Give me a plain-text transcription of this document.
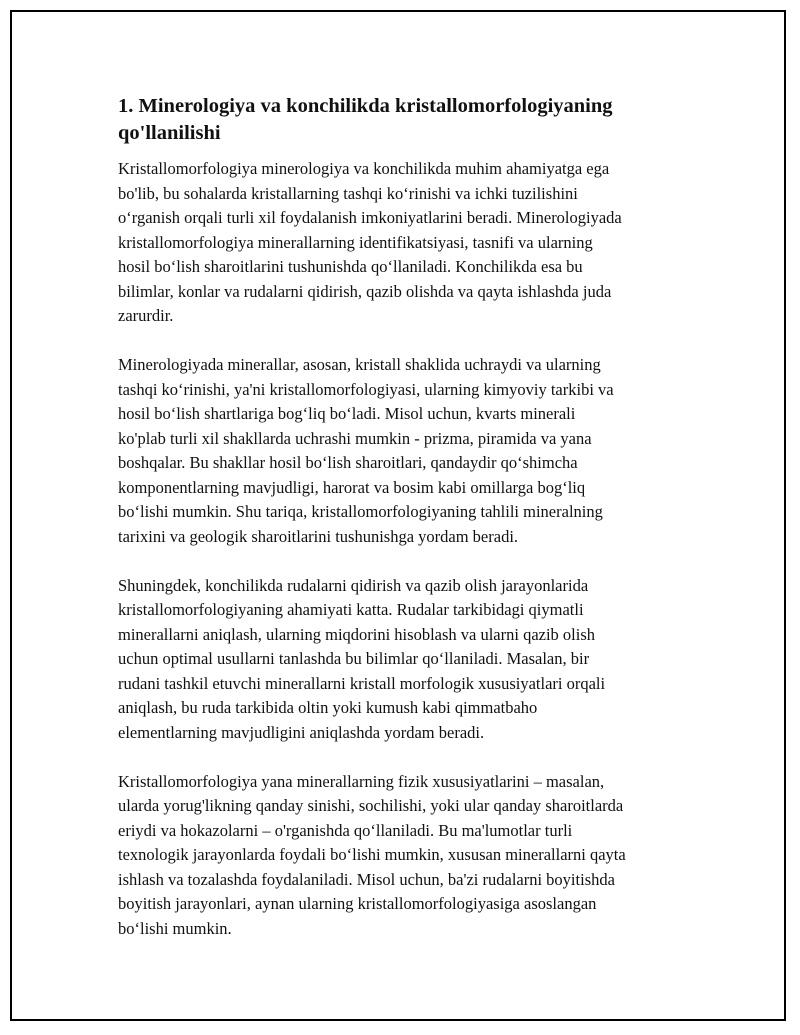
1. Minerologiya va konchilikda kristallomorfologiyaning
qo'llanilishi

Kristallomorfologiya minerologiya va konchilikda muhim ahamiyatga ega
bo'lib, bu sohalarda kristallarning tashqi ko‘rinishi va ichki tuzilishini
o‘rganish orqali turli xil foydalanish imkoniyatlarini beradi. Minerologiyada
kristallomorfologiya minerallarning identifikatsiyasi, tasnifi va ularning
hosil bo‘lish sharoitlarini tushunishda qo‘llaniladi. Konchilikda esa bu
bilimlar, konlar va rudalarni qidirish, qazib olishda va qayta ishlashda juda
zarurdir.

Minerologiyada minerallar, asosan, kristall shaklida uchraydi va ularning
tashqi ko‘rinishi, ya'ni kristallomorfologiyasi, ularning kimyoviy tarkibi va
hosil bo‘lish shartlariga bog‘liq bo‘ladi. Misol uchun, kvarts minerali
ko'plab turli xil shakllarda uchrashi mumkin - prizma, piramida va yana
boshqalar. Bu shakllar hosil bo‘lish sharoitlari, qandaydir qo‘shimcha
komponentlarning mavjudligi, harorat va bosim kabi omillarga bog‘liq
bo‘lishi mumkin. Shu tariqa, kristallomorfologiyaning tahlili mineralning
tarixini va geologik sharoitlarini tushunishga yordam beradi.

Shuningdek, konchilikda rudalarni qidirish va qazib olish jarayonlarida
kristallomorfologiyaning ahamiyati katta. Rudalar tarkibidagi qiymatli
minerallarni aniqlash, ularning miqdorini hisoblash va ularni qazib olish
uchun optimal usullarni tanlashda bu bilimlar qo‘llaniladi. Masalan, bir
rudani tashkil etuvchi minerallarni kristall morfologik xususiyatlari orqali
aniqlash, bu ruda tarkibida oltin yoki kumush kabi qimmatbaho
elementlarning mavjudligini aniqlashda yordam beradi.

Kristallomorfologiya yana minerallarning fizik xususiyatlarini – masalan,
ularda yorug'likning qanday sinishi, sochilishi, yoki ular qanday sharoitlarda
eriydi va hokazolarni – o'rganishda qo‘llaniladi. Bu ma'lumotlar turli
texnologik jarayonlarda foydali bo‘lishi mumkin, xususan minerallarni qayta
ishlash va tozalashda foydalaniladi. Misol uchun, ba'zi rudalarni boyitishda
boyitish jarayonlari, aynan ularning kristallomorfologiyasiga asoslangan
bo‘lishi mumkin.
